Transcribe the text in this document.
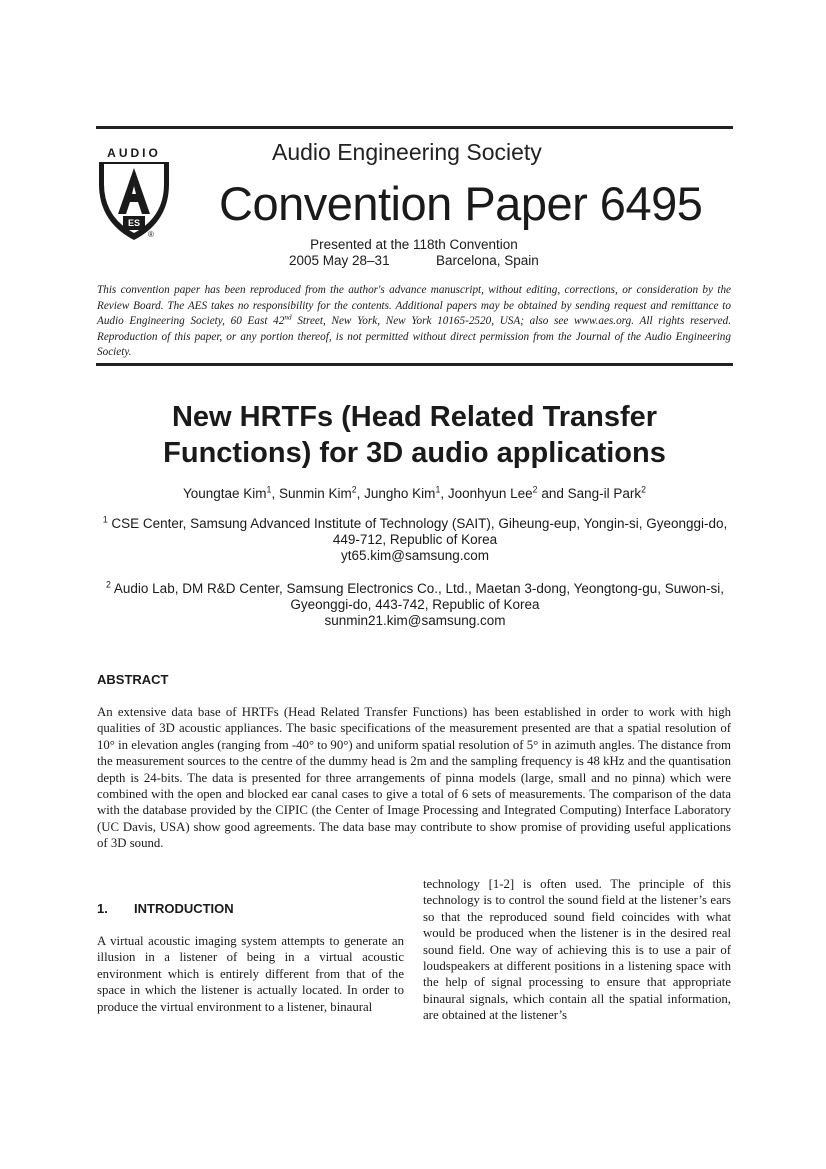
AUDIO
ES
®
Audio Engineering Society
Convention Paper 6495
Presented at the 118th Convention
2005 May 28–31	Barcelona, Spain
This convention paper has been reproduced from the author's advance manuscript, without editing, corrections, or consideration by the Review Board. The AES takes no responsibility for the contents. Additional papers may be obtained by sending request and remittance to Audio Engineering Society, 60 East 42nd Street, New York, New York 10165-2520, USA; also see www.aes.org. All rights reserved. Reproduction of this paper, or any portion thereof, is not permitted without direct permission from the Journal of the Audio Engineering Society.
New HRTFs (Head Related Transfer
Functions) for 3D audio applications
Youngtae Kim$^1$, Sunmin Kim$^2$, Jungho Kim$^1$, Joonhyun Lee$^2$ and Sang-il Park$^2$
$^1$ CSE Center, Samsung Advanced Institute of Technology (SAIT), Giheung-eup, Yongin-si, Gyeonggi-do,
449-712, Republic of Korea
yt65.kim@samsung.com
$^2$ Audio Lab, DM R&D Center, Samsung Electronics Co., Ltd., Maetan 3-dong, Yeongtong-gu, Suwon-si,
Gyeonggi-do, 443-742, Republic of Korea
sunmin21.kim@samsung.com
ABSTRACT
An extensive data base of HRTFs (Head Related Transfer Functions) has been established in order to work with high qualities of 3D acoustic appliances. The basic specifications of the measurement presented are that a spatial resolution of 10° in elevation angles (ranging from -40° to 90°) and uniform spatial resolution of 5° in azimuth angles. The distance from the measurement sources to the centre of the dummy head is 2m and the sampling frequency is 48 kHz and the quantisation depth is 24-bits. The data is presented for three arrangements of pinna models (large, small and no pinna) which were combined with the open and blocked ear canal cases to give a total of 6 sets of measurements. The comparison of the data with the database provided by the CIPIC (the Center of Image Processing and Integrated Computing) Interface Laboratory (UC Davis, USA) show good agreements. The data base may contribute to show promise of providing useful applications of 3D sound.
1. INTRODUCTION
A virtual acoustic imaging system attempts to generate an illusion in a listener of being in a virtual acoustic environment which is entirely different from that of the space in which the listener is actually located. In order to produce the virtual environment to a listener, binaural
technology [1-2] is often used. The principle of this technology is to control the sound field at the listener’s ears so that the reproduced sound field coincides with what would be produced when the listener is in the desired real sound field. One way of achieving this is to use a pair of loudspeakers at different positions in a listening space with the help of signal processing to ensure that appropriate binaural signals, which contain all the spatial information, are obtained at the listener’s
